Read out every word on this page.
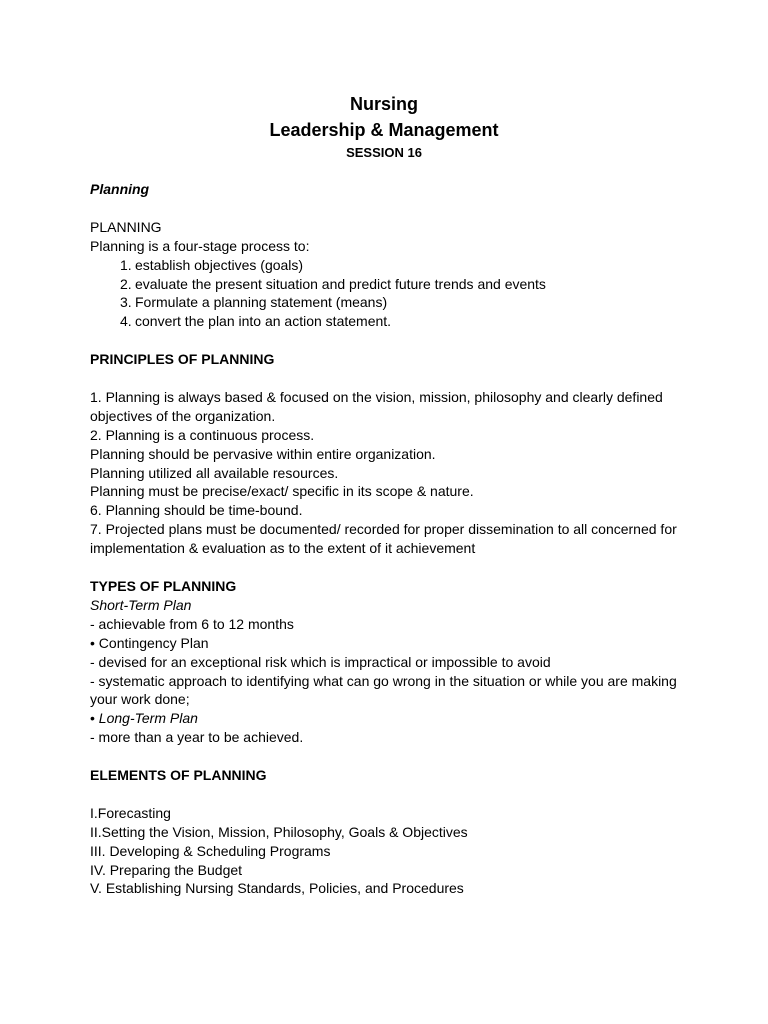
Nursing
Leadership & Management
SESSION 16

Planning

PLANNING

Planning is a four-stage process to:

1. establish objectives (goals)
2. evaluate the present situation and predict future trends and events
3. Formulate a planning statement (means)
4. convert the plan into an action statement.

PRINCIPLES OF PLANNING

1. Planning is always based & focused on the vision, mission, philosophy and clearly defined objectives of the organization.

2. Planning is a continuous process.

Planning should be pervasive within entire organization.

Planning utilized all available resources.

Planning must be precise/exact/ specific in its scope & nature.

6. Planning should be time-bound.

7. Projected plans must be documented/ recorded for proper dissemination to all concerned for implementation & evaluation as to the extent of it achievement

TYPES OF PLANNING

Short-Term Plan

- achievable from 6 to 12 months

• Contingency Plan

- devised for an exceptional risk which is impractical or impossible to avoid

- systematic approach to identifying what can go wrong in the situation or while you are making your work done;

• Long-Term Plan

- more than a year to be achieved.

ELEMENTS OF PLANNING

I.Forecasting

II.Setting the Vision, Mission, Philosophy, Goals & Objectives

III. Developing & Scheduling Programs

IV. Preparing the Budget

V. Establishing Nursing Standards, Policies, and Procedures
